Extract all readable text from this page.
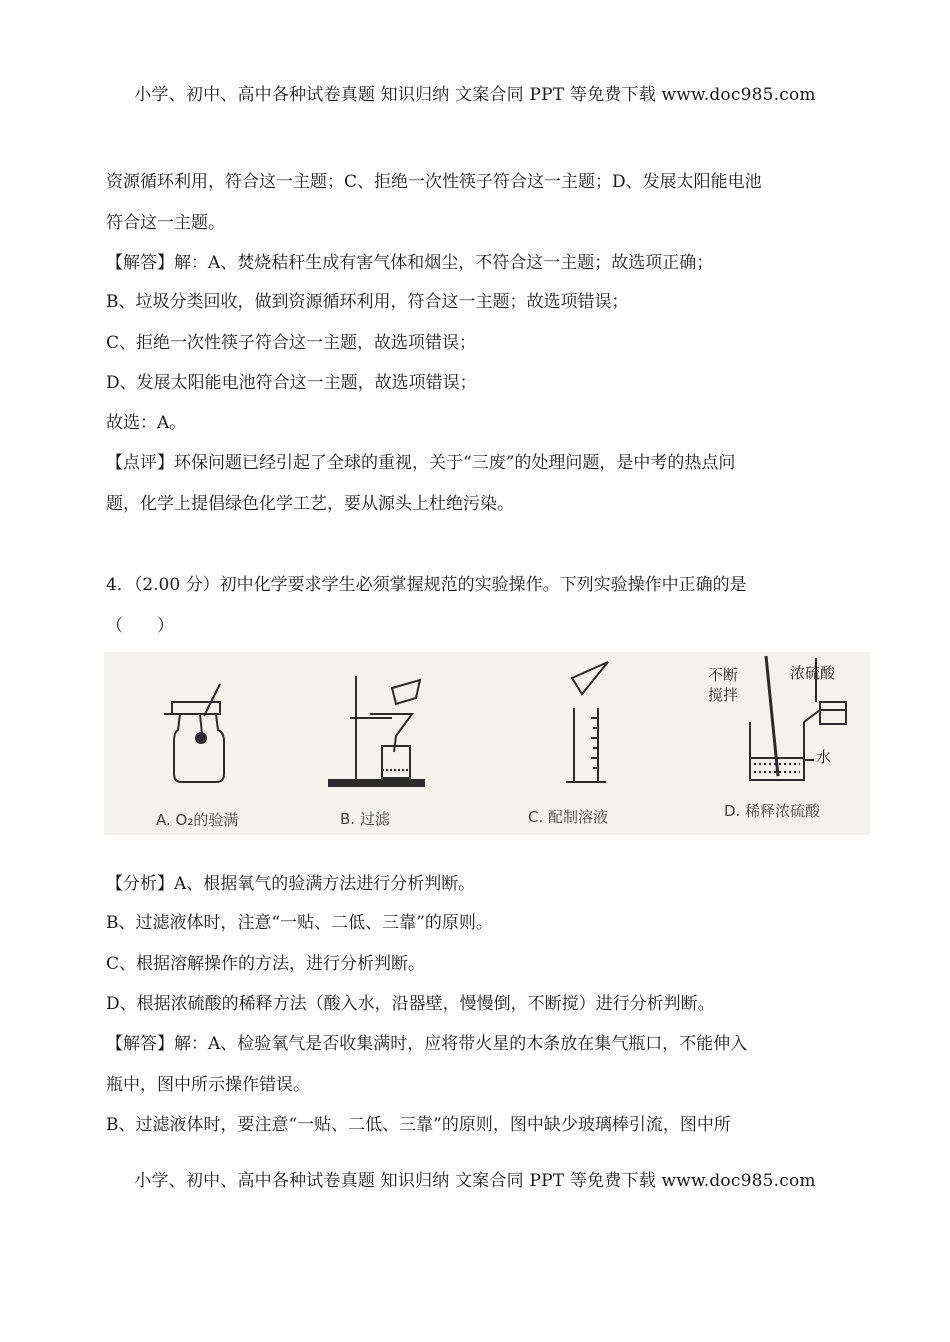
小学、初中、高中各种试卷真题 知识归纳 文案合同 PPT 等免费下载 www.doc985.com
资源循环利用，符合这一主题；C、拒绝一次性筷子符合这一主题；D、发展太阳能电池
符合这一主题。
【解答】解：A、焚烧秸秆生成有害气体和烟尘，不符合这一主题；故选项正确；
B、垃圾分类回收，做到资源循环利用，符合这一主题；故选项错误；
C、拒绝一次性筷子符合这一主题，故选项错误；
D、发展太阳能电池符合这一主题，故选项错误；
故选：A。
【点评】环保问题已经引起了全球的重视，关于“三废”的处理问题，是中考的热点问
题，化学上提倡绿色化学工艺，要从源头上杜绝污染。
4．（2.00 分）初中化学要求学生必须掌握规范的实验操作。下列实验操作中正确的是
（　　）
A. O₂的验满	B. 过滤	C. 配制溶液	D. 稀释浓硫酸
不断
搅拌
浓硫酸
水
【分析】A、根据氧气的验满方法进行分析判断。
B、过滤液体时，注意“一贴、二低、三靠”的原则。
C、根据溶解操作的方法，进行分析判断。
D、根据浓硫酸的稀释方法（酸入水，沿器壁，慢慢倒，不断搅）进行分析判断。
【解答】解：A、检验氧气是否收集满时，应将带火星的木条放在集气瓶口，不能伸入
瓶中，图中所示操作错误。
B、过滤液体时，要注意“一贴、二低、三靠”的原则，图中缺少玻璃棒引流，图中所
小学、初中、高中各种试卷真题 知识归纳 文案合同 PPT 等免费下载 www.doc985.com
